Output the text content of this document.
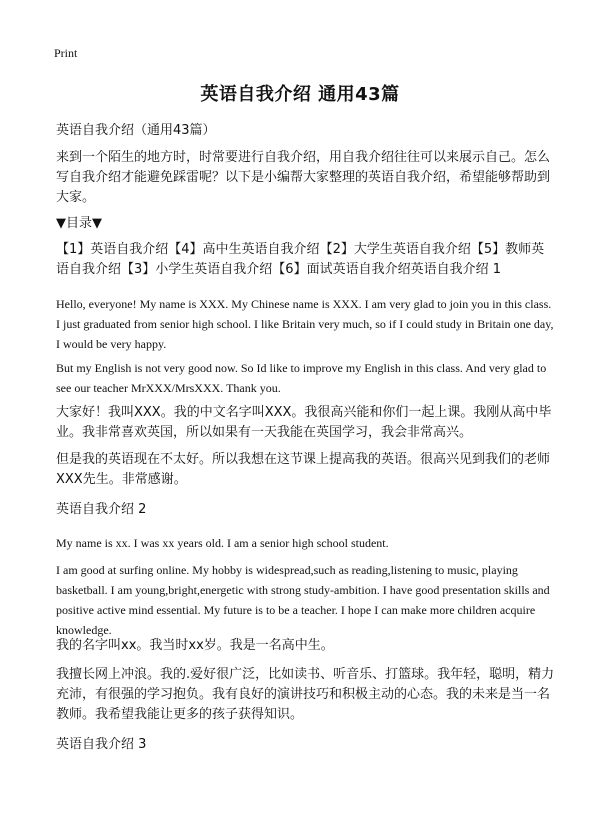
Print
英语自我介绍 通用43篇

英语自我介绍（通用43篇）

来到一个陌生的地方时，时常要进行自我介绍，用自我介绍往往可以来展示自己。怎么写自我介绍才能避免踩雷呢？以下是小编帮大家整理的英语自我介绍，希望能够帮助到大家。

▼目录▼

【1】英语自我介绍【4】高中生英语自我介绍【2】大学生英语自我介绍【5】教师英语自我介绍【3】小学生英语自我介绍【6】面试英语自我介绍英语自我介绍 1

Hello, everyone! My name is XXX. My Chinese name is XXX. I am very glad to join you in this class. I just graduated from senior high school. I like Britain very much, so if I could study in Britain one day, I would be very happy.

But my English is not very good now. So Id like to improve my English in this class. And very glad to see our teacher MrXXX/MrsXXX. Thank you.

大家好！我叫XXX。我的中文名字叫XXX。我很高兴能和你们一起上课。我刚从高中毕业。我非常喜欢英国，所以如果有一天我能在英国学习，我会非常高兴。

但是我的英语现在不太好。所以我想在这节课上提高我的英语。很高兴见到我们的老师XXX先生。非常感谢。

英语自我介绍 2

My name is xx. I was xx years old. I am a senior high school student.

I am good at surfing online. My hobby is widespread,such as reading,listening to music, playing basketball. I am young,bright,energetic with strong study-ambition. I have good presentation skills and positive active mind essential. My future is to be a teacher. I hope I can make more children acquire knowledge.

我的名字叫xx。我当时xx岁。我是一名高中生。

我擅长网上冲浪。我的.爱好很广泛，比如读书、听音乐、打篮球。我年轻，聪明，精力充沛，有很强的学习抱负。我有良好的演讲技巧和积极主动的心态。我的未来是当一名教师。我希望我能让更多的孩子获得知识。

英语自我介绍 3
